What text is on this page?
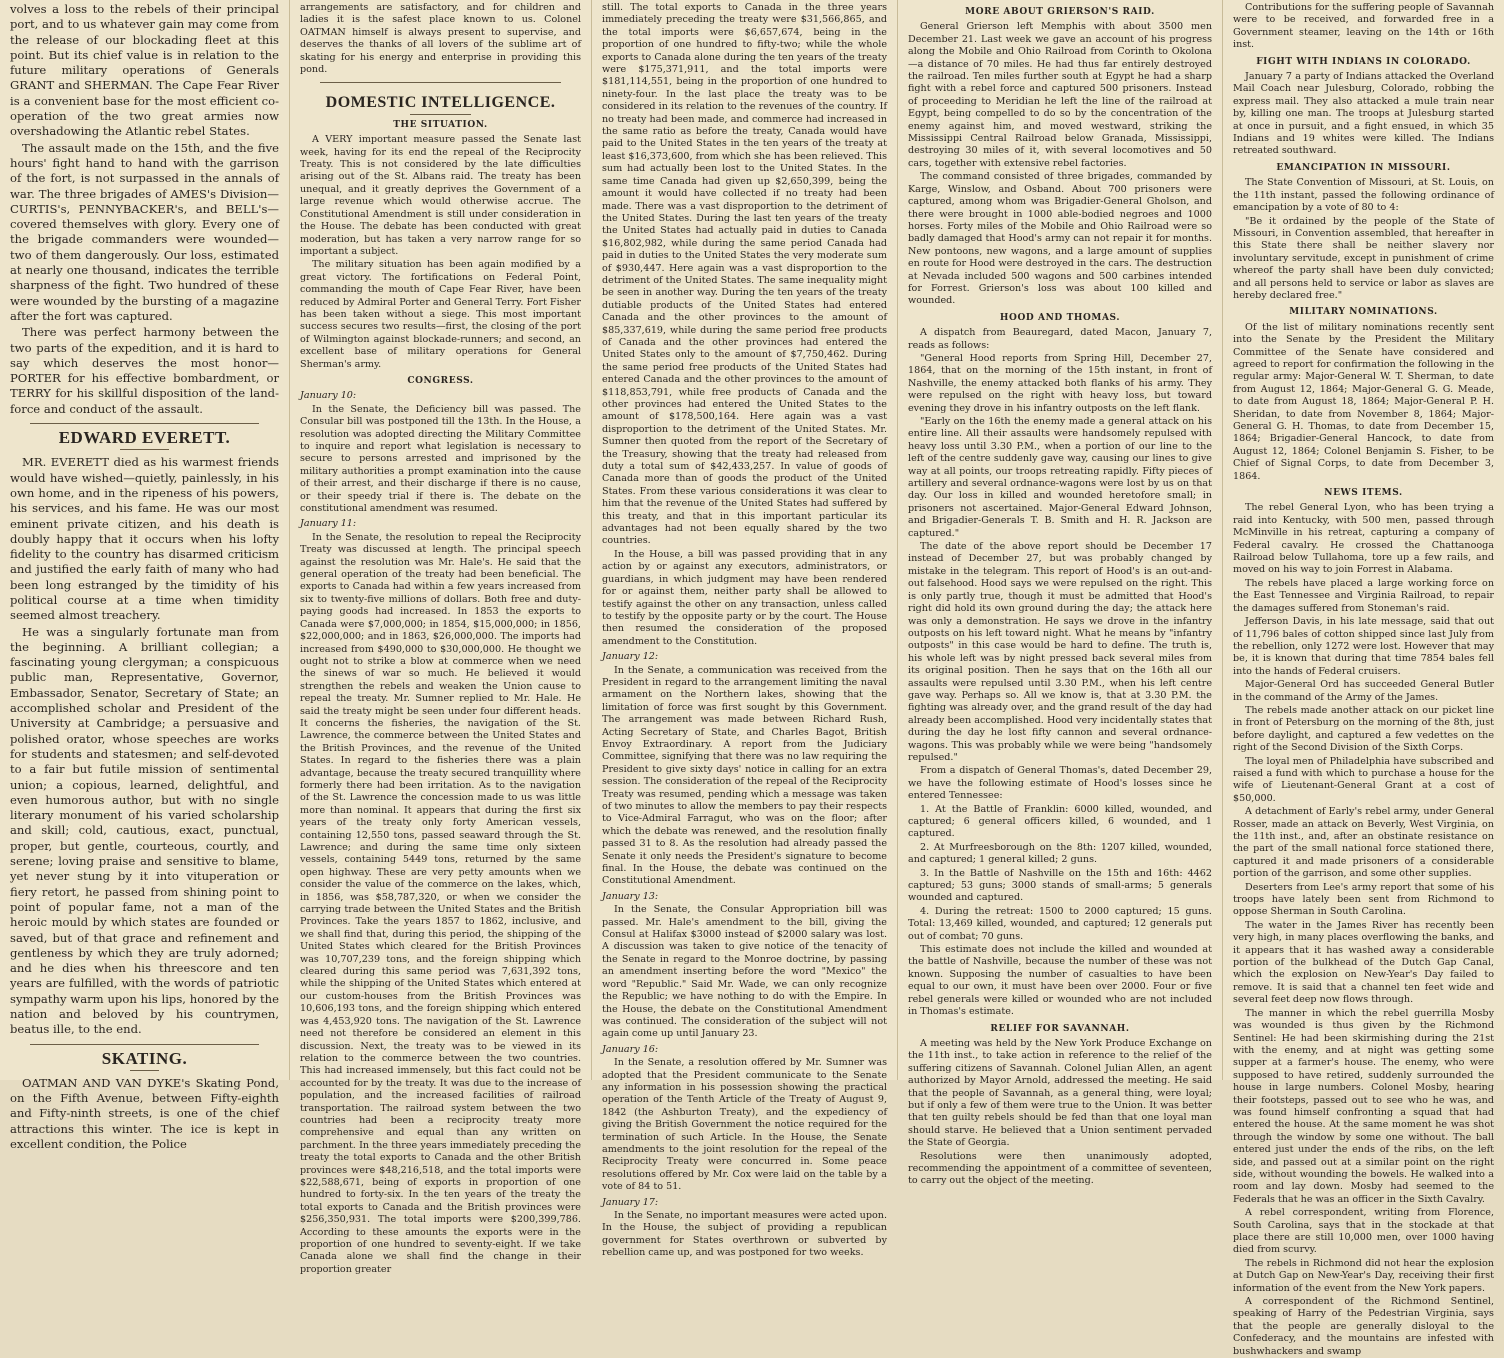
volves a loss to the rebels of their principal port, and to us whatever gain may come from the release of our blockading fleet at this point. But its chief value is in relation to the future military operations of Generals GRANT and SHERMAN. The Cape Fear River is a convenient base for the most efficient co-operation of the two great armies now overshadowing the Atlantic rebel States.

The assault made on the 15th, and the five hours' fight hand to hand with the garrison of the fort, is not surpassed in the annals of war. The three brigades of AMES's Division—CURTIS's, PENNYBACKER's, and BELL's—covered themselves with glory. Every one of the brigade commanders were wounded—two of them dangerously. Our loss, estimated at nearly one thousand, indicates the terrible sharpness of the fight. Two hundred of these were wounded by the bursting of a magazine after the fort was captured.

There was perfect harmony between the two parts of the expedition, and it is hard to say which deserves the most honor—PORTER for his effective bombardment, or TERRY for his skillful disposition of the land-force and conduct of the assault.

EDWARD EVERETT.

MR. EVERETT died as his warmest friends would have wished—quietly, painlessly, in his own home, and in the ripeness of his powers, his services, and his fame. He was our most eminent private citizen, and his death is doubly happy that it occurs when his lofty fidelity to the country has disarmed criticism and justified the early faith of many who had been long estranged by the timidity of his political course at a time when timidity seemed almost treachery.

He was a singularly fortunate man from the beginning. A brilliant collegian; a fascinating young clergyman; a conspicuous public man, Representative, Governor, Embassador, Senator, Secretary of State; an accomplished scholar and President of the University at Cambridge; a persuasive and polished orator, whose speeches are works for students and statesmen; and self-devoted to a fair but futile mission of sentimental union; a copious, learned, delightful, and even humorous author, but with no single literary monument of his varied scholarship and skill; cold, cautious, exact, punctual, proper, but gentle, courteous, courtly, and serene; loving praise and sensitive to blame, yet never stung by it into vituperation or fiery retort, he passed from shining point to point of popular fame, not a man of the heroic mould by which states are founded or saved, but of that grace and refinement and gentleness by which they are truly adorned; and he dies when his threescore and ten years are fulfilled, with the words of patriotic sympathy warm upon his lips, honored by the nation and beloved by his countrymen, beatus ille, to the end.

SKATING.

OATMAN AND VAN DYKE's Skating Pond, on the Fifth Avenue, between Fifty-eighth and Fifty-ninth streets, is one of the chief attractions this winter. The ice is kept in excellent condition, the Police

arrangements are satisfactory, and for children and ladies it is the safest place known to us. Colonel OATMAN himself is always present to supervise, and deserves the thanks of all lovers of the sublime art of skating for his energy and enterprise in providing this pond.

DOMESTIC INTELLIGENCE.
THE SITUATION.

A VERY important measure passed the Senate last week, having for its end the repeal of the Reciprocity Treaty. This is not considered by the late difficulties arising out of the St. Albans raid. The treaty has been unequal, and it greatly deprives the Government of a large revenue which would otherwise accrue. The Constitutional Amendment is still under consideration in the House. The debate has been conducted with great moderation, but has taken a very narrow range for so important a subject.

The military situation has been again modified by a great victory. The fortifications on Federal Point, commanding the mouth of Cape Fear River, have been reduced by Admiral Porter and General Terry. Fort Fisher has been taken without a siege. This most important success secures two results—first, the closing of the port of Wilmington against blockade-runners; and second, an excellent base of military operations for General Sherman's army.

CONGRESS.

January 10:

In the Senate, the Deficiency bill was passed. The Consular bill was postponed till the 13th. In the House, a resolution was adopted directing the Military Committee to inquire and report what legislation is necessary to secure to persons arrested and imprisoned by the military authorities a prompt examination into the cause of their arrest, and their discharge if there is no cause, or their speedy trial if there is. The debate on the constitutional amendment was resumed.

January 11:

In the Senate, the resolution to repeal the Reciprocity Treaty was discussed at length. The principal speech against the resolution was Mr. Hale's. He said that the general operation of the treaty had been beneficial. The exports to Canada had within a few years increased from six to twenty-five millions of dollars. Both free and duty-paying goods had increased. In 1853 the exports to Canada were $7,000,000; in 1854, $15,000,000; in 1856, $22,000,000; and in 1863, $26,000,000. The imports had increased from $490,000 to $30,000,000. He thought we ought not to strike a blow at commerce when we need the sinews of war so much. He believed it would strengthen the rebels and weaken the Union cause to repeal the treaty. Mr. Sumner replied to Mr. Hale. He said the treaty might be seen under four different heads. It concerns the fisheries, the navigation of the St. Lawrence, the commerce between the United States and the British Provinces, and the revenue of the United States. In regard to the fisheries there was a plain advantage, because the treaty secured tranquillity where formerly there had been irritation. As to the navigation of the St. Lawrence the concession made to us was little more than nominal. It appears that during the first six years of the treaty only forty American vessels, containing 12,550 tons, passed seaward through the St. Lawrence; and during the same time only sixteen vessels, containing 5449 tons, returned by the same open highway. These are very petty amounts when we consider the value of the commerce on the lakes, which, in 1856, was $58,787,320, or when we consider the carrying trade between the United States and the British Provinces. Take the years 1857 to 1862, inclusive, and we shall find that, during this period, the shipping of the United States which cleared for the British Provinces was 10,707,239 tons, and the foreign shipping which cleared during this same period was 7,631,392 tons, while the shipping of the United States which entered at our custom-houses from the British Provinces was 10,606,193 tons, and the foreign shipping which entered was 4,453,920 tons. The navigation of the St. Lawrence need not therefore be considered an element in this discussion. Next, the treaty was to be viewed in its relation to the commerce between the two countries. This had increased immensely, but this fact could not be accounted for by the treaty. It was due to the increase of population, and the increased facilities of railroad transportation. The railroad system between the two countries had been a reciprocity treaty more comprehensive and equal than any written on parchment. In the three years immediately preceding the treaty the total exports to Canada and the other British provinces were $48,216,518, and the total imports were $22,588,671, being of exports in proportion of one hundred to forty-six. In the ten years of the treaty the total exports to Canada and the British provinces were $256,350,931. The total imports were $200,399,786. According to these amounts the exports were in the proportion of one hundred to seventy-eight. If we take Canada alone we shall find the change in their proportion greater

still. The total exports to Canada in the three years immediately preceding the treaty were $31,566,865, and the total imports were $6,657,674, being in the proportion of one hundred to fifty-two; while the whole exports to Canada alone during the ten years of the treaty were $175,371,911, and the total imports were $181,114,551, being in the proportion of one hundred to ninety-four. In the last place the treaty was to be considered in its relation to the revenues of the country. If no treaty had been made, and commerce had increased in the same ratio as before the treaty, Canada would have paid to the United States in the ten years of the treaty at least $16,373,600, from which she has been relieved. This sum had actually been lost to the United States. In the same time Canada had given up $2,650,399, being the amount it would have collected if no treaty had been made. There was a vast disproportion to the detriment of the United States. During the last ten years of the treaty the United States had actually paid in duties to Canada $16,802,982, while during the same period Canada had paid in duties to the United States the very moderate sum of $930,447. Here again was a vast disproportion to the detriment of the United States. The same inequality might be seen in another way. During the ten years of the treaty dutiable products of the United States had entered Canada and the other provinces to the amount of $85,337,619, while during the same period free products of Canada and the other provinces had entered the United States only to the amount of $7,750,462. During the same period free products of the United States had entered Canada and the other provinces to the amount of $118,853,791, while free products of Canada and the other provinces had entered the United States to the amount of $178,500,164. Here again was a vast disproportion to the detriment of the United States. Mr. Sumner then quoted from the report of the Secretary of the Treasury, showing that the treaty had released from duty a total sum of $42,433,257. In value of goods of Canada more than of goods the product of the United States. From these various considerations it was clear to him that the revenue of the United States had suffered by this treaty, and that in this important particular its advantages had not been equally shared by the two countries.

In the House, a bill was passed providing that in any action by or against any executors, administrators, or guardians, in which judgment may have been rendered for or against them, neither party shall be allowed to testify against the other on any transaction, unless called to testify by the opposite party or by the court. The House then resumed the consideration of the proposed amendment to the Constitution.

January 12:

In the Senate, a communication was received from the President in regard to the arrangement limiting the naval armament on the Northern lakes, showing that the limitation of force was first sought by this Government. The arrangement was made between Richard Rush, Acting Secretary of State, and Charles Bagot, British Envoy Extraordinary. A report from the Judiciary Committee, signifying that there was no law requiring the President to give sixty days' notice in calling for an extra session. The consideration of the repeal of the Reciprocity Treaty was resumed, pending which a message was taken of two minutes to allow the members to pay their respects to Vice-Admiral Farragut, who was on the floor; after which the debate was renewed, and the resolution finally passed 31 to 8. As the resolution had already passed the Senate it only needs the President's signature to become final. In the House, the debate was continued on the Constitutional Amendment.

January 13:

In the Senate, the Consular Appropriation bill was passed. Mr. Hale's amendment to the bill, giving the Consul at Halifax $3000 instead of $2000 salary was lost. A discussion was taken to give notice of the tenacity of the Senate in regard to the Monroe doctrine, by passing an amendment inserting before the word "Mexico" the word "Republic." Said Mr. Wade, we can only recognize the Republic; we have nothing to do with the Empire. In the House, the debate on the Constitutional Amendment was continued. The consideration of the subject will not again come up until January 23.

January 16:

In the Senate, a resolution offered by Mr. Sumner was adopted that the President communicate to the Senate any information in his possession showing the practical operation of the Tenth Article of the Treaty of August 9, 1842 (the Ashburton Treaty), and the expediency of giving the British Government the notice required for the termination of such Article. In the House, the Senate amendments to the joint resolution for the repeal of the Reciprocity Treaty were concurred in. Some peace resolutions offered by Mr. Cox were laid on the table by a vote of 84 to 51.

January 17:

In the Senate, no important measures were acted upon. In the House, the subject of providing a republican government for States overthrown or subverted by rebellion came up, and was postponed for two weeks.

MORE ABOUT GRIERSON'S RAID.

General Grierson left Memphis with about 3500 men December 21. Last week we gave an account of his progress along the Mobile and Ohio Railroad from Corinth to Okolona—a distance of 70 miles. He had thus far entirely destroyed the railroad. Ten miles further south at Egypt he had a sharp fight with a rebel force and captured 500 prisoners. Instead of proceeding to Meridian he left the line of the railroad at Egypt, being compelled to do so by the concentration of the enemy against him, and moved westward, striking the Mississippi Central Railroad below Granada, Mississippi, destroying 30 miles of it, with several locomotives and 50 cars, together with extensive rebel factories.

The command consisted of three brigades, commanded by Karge, Winslow, and Osband. About 700 prisoners were captured, among whom was Brigadier-General Gholson, and there were brought in 1000 able-bodied negroes and 1000 horses. Forty miles of the Mobile and Ohio Railroad were so badly damaged that Hood's army can not repair it for months. New pontoons, new wagons, and a large amount of supplies en route for Hood were destroyed in the cars. The destruction at Nevada included 500 wagons and 500 carbines intended for Forrest. Grierson's loss was about 100 killed and wounded.

HOOD AND THOMAS.

A dispatch from Beauregard, dated Macon, January 7, reads as follows:

"General Hood reports from Spring Hill, December 27, 1864, that on the morning of the 15th instant, in front of Nashville, the enemy attacked both flanks of his army. They were repulsed on the right with heavy loss, but toward evening they drove in his infantry outposts on the left flank.

"Early on the 16th the enemy made a general attack on his entire line. All their assaults were handsomely repulsed with heavy loss until 3.30 P.M., when a portion of our line to the left of the centre suddenly gave way, causing our lines to give way at all points, our troops retreating rapidly. Fifty pieces of artillery and several ordnance-wagons were lost by us on that day. Our loss in killed and wounded heretofore small; in prisoners not ascertained. Major-General Edward Johnson, and Brigadier-Generals T. B. Smith and H. R. Jackson are captured."

The date of the above report should be December 17 instead of December 27, but was probably changed by mistake in the telegram. This report of Hood's is an out-and-out falsehood. Hood says we were repulsed on the right. This is only partly true, though it must be admitted that Hood's right did hold its own ground during the day; the attack here was only a demonstration. He says we drove in the infantry outposts on his left toward night. What he means by "infantry outposts" in this case would be hard to define. The truth is, his whole left was by night pressed back several miles from its original position. Then he says that on the 16th all our assaults were repulsed until 3.30 P.M., when his left centre gave way. Perhaps so. All we know is, that at 3.30 P.M. the fighting was already over, and the grand result of the day had already been accomplished. Hood very incidentally states that during the day he lost fifty cannon and several ordnance-wagons. This was probably while we were being "handsomely repulsed."

From a dispatch of General Thomas's, dated December 29, we have the following estimate of Hood's losses since he entered Tennessee:

1. At the Battle of Franklin: 6000 killed, wounded, and captured; 6 general officers killed, 6 wounded, and 1 captured.

2. At Murfreesborough on the 8th: 1207 killed, wounded, and captured; 1 general killed; 2 guns.

3. In the Battle of Nashville on the 15th and 16th: 4462 captured; 53 guns; 3000 stands of small-arms; 5 generals wounded and captured.

4. During the retreat: 1500 to 2000 captured; 15 guns. Total: 13,469 killed, wounded, and captured; 12 generals put out of combat; 70 guns.

This estimate does not include the killed and wounded at the battle of Nashville, because the number of these was not known. Supposing the number of casualties to have been equal to our own, it must have been over 2000. Four or five rebel generals were killed or wounded who are not included in Thomas's estimate.

RELIEF FOR SAVANNAH.

A meeting was held by the New York Produce Exchange on the 11th inst., to take action in reference to the relief of the suffering citizens of Savannah. Colonel Julian Allen, an agent authorized by Mayor Arnold, addressed the meeting. He said that the people of Savannah, as a general thing, were loyal; but if only a few of them were true to the Union. It was better that ten guilty rebels should be fed than that one loyal man should starve. He believed that a Union sentiment pervaded the State of Georgia.

Resolutions were then unanimously adopted, recommending the appointment of a committee of seventeen, to carry out the object of the meeting.

Contributions for the suffering people of Savannah were to be received, and forwarded free in a Government steamer, leaving on the 14th or 16th inst.

FIGHT WITH INDIANS IN COLORADO.

January 7 a party of Indians attacked the Overland Mail Coach near Julesburg, Colorado, robbing the express mail. They also attacked a mule train near by, killing one man. The troops at Julesburg started at once in pursuit, and a fight ensued, in which 35 Indians and 19 whites were killed. The Indians retreated southward.

EMANCIPATION IN MISSOURI.

The State Convention of Missouri, at St. Louis, on the 11th instant, passed the following ordinance of emancipation by a vote of 80 to 4:

"Be it ordained by the people of the State of Missouri, in Convention assembled, that hereafter in this State there shall be neither slavery nor involuntary servitude, except in punishment of crime whereof the party shall have been duly convicted; and all persons held to service or labor as slaves are hereby declared free."

MILITARY NOMINATIONS.

Of the list of military nominations recently sent into the Senate by the President the Military Committee of the Senate have considered and agreed to report for confirmation the following in the regular army: Major-General W. T. Sherman, to date from August 12, 1864; Major-General G. G. Meade, to date from August 18, 1864; Major-General P. H. Sheridan, to date from November 8, 1864; Major-General G. H. Thomas, to date from December 15, 1864; Brigadier-General Hancock, to date from August 12, 1864; Colonel Benjamin S. Fisher, to be Chief of Signal Corps, to date from December 3, 1864.

NEWS ITEMS.

The rebel General Lyon, who has been trying a raid into Kentucky, with 500 men, passed through McMinville in his retreat, capturing a company of Federal cavalry. He crossed the Chattanooga Railroad below Tullahoma, tore up a few rails, and moved on his way to join Forrest in Alabama.

The rebels have placed a large working force on the East Tennessee and Virginia Railroad, to repair the damages suffered from Stoneman's raid.

Jefferson Davis, in his late message, said that out of 11,796 bales of cotton shipped since last July from the rebellion, only 1272 were lost. However that may be, it is known that during that time 7854 bales fell into the hands of Federal cruisers.

Major-General Ord has succeeded General Butler in the command of the Army of the James.

The rebels made another attack on our picket line in front of Petersburg on the morning of the 8th, just before daylight, and captured a few vedettes on the right of the Second Division of the Sixth Corps.

The loyal men of Philadelphia have subscribed and raised a fund with which to purchase a house for the wife of Lieutenant-General Grant at a cost of $50,000.

A detachment of Early's rebel army, under General Rosser, made an attack on Beverly, West Virginia, on the 11th inst., and, after an obstinate resistance on the part of the small national force stationed there, captured it and made prisoners of a considerable portion of the garrison, and some other supplies.

Deserters from Lee's army report that some of his troops have lately been sent from Richmond to oppose Sherman in South Carolina.

The water in the James River has recently been very high, in many places overflowing the banks, and it appears that it has washed away a considerable portion of the bulkhead of the Dutch Gap Canal, which the explosion on New-Year's Day failed to remove. It is said that a channel ten feet wide and several feet deep now flows through.

The manner in which the rebel guerrilla Mosby was wounded is thus given by the Richmond Sentinel: He had been skirmishing during the 21st with the enemy, and at night was getting some supper at a farmer's house. The enemy, who were supposed to have retired, suddenly surrounded the house in large numbers. Colonel Mosby, hearing their footsteps, passed out to see who he was, and was found himself confronting a squad that had entered the house. At the same moment he was shot through the window by some one without. The ball entered just under the ends of the ribs, on the left side, and passed out at a similar point on the right side, without wounding the bowels. He walked into a room and lay down. Mosby had seemed to the Federals that he was an officer in the Sixth Cavalry.

A rebel correspondent, writing from Florence, South Carolina, says that in the stockade at that place there are still 10,000 men, over 1000 having died from scurvy.

The rebels in Richmond did not hear the explosion at Dutch Gap on New-Year's Day, receiving their first information of the event from the New York papers.

A correspondent of the Richmond Sentinel, speaking of Harry of the Pedestrian Virginia, says that the people are generally disloyal to the Confederacy, and the mountains are infested with bushwhackers and swamp
